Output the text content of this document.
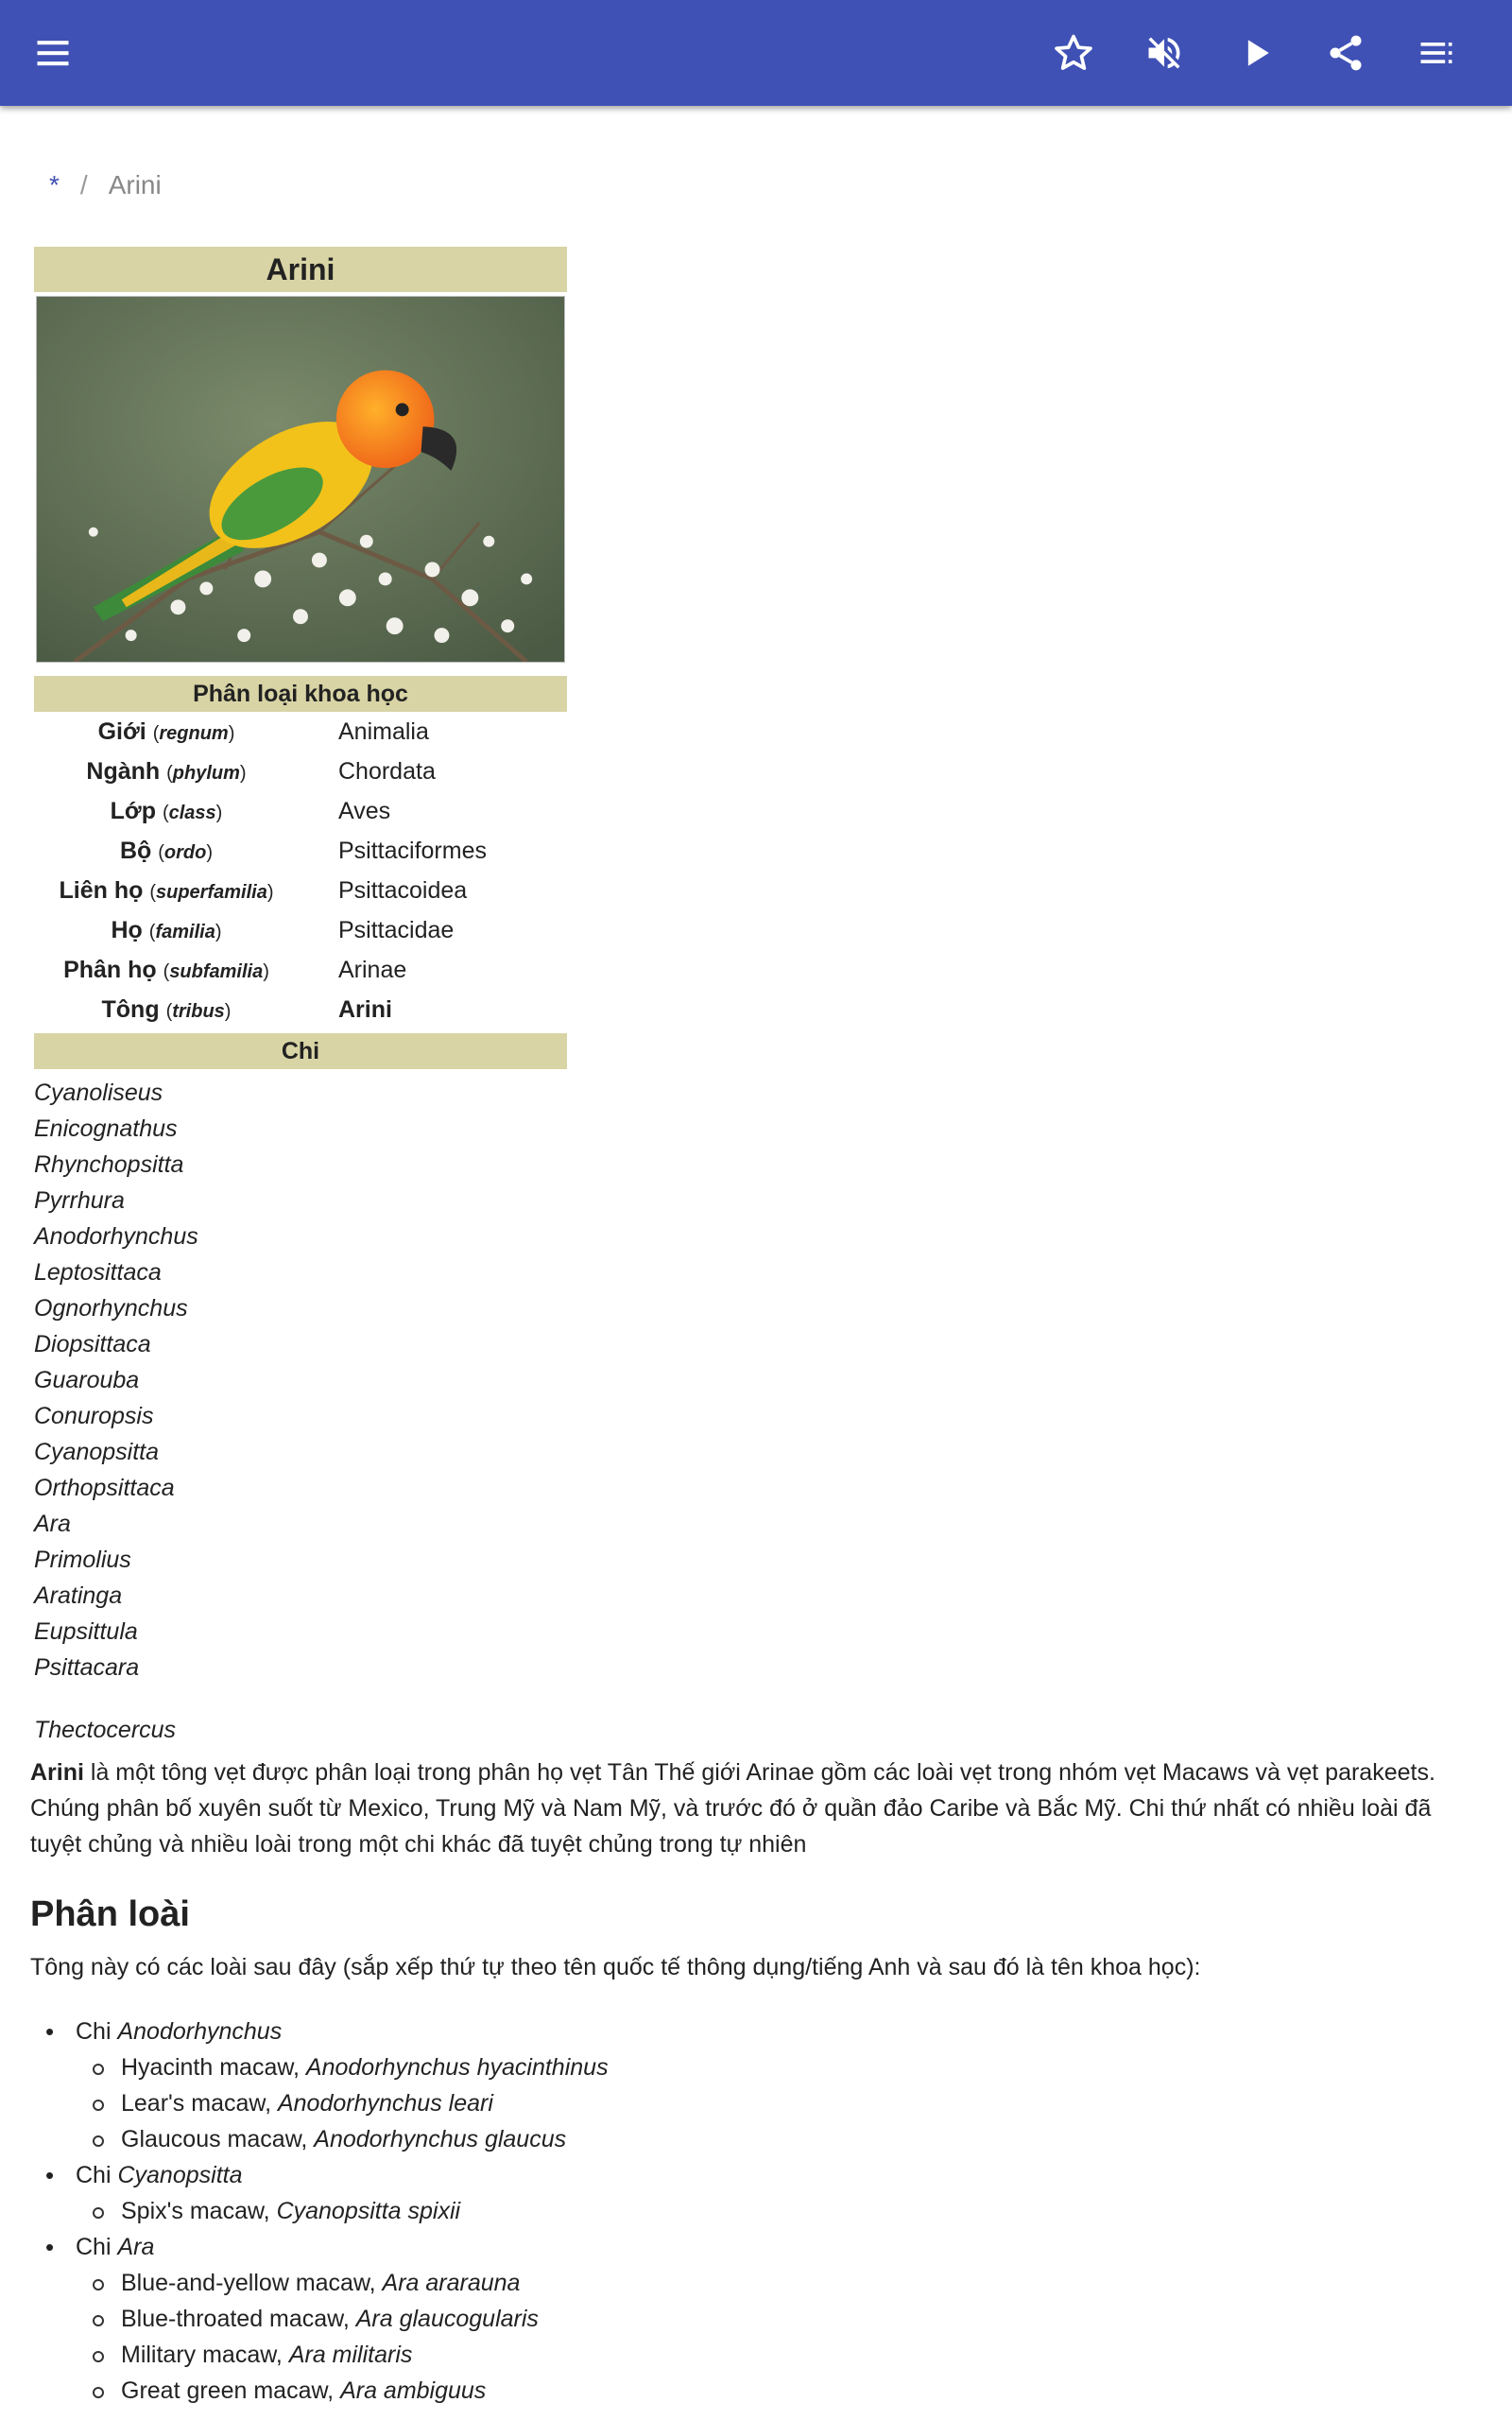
* / Arini
Arini
Phân loại khoa học
Giới (regnum)	Animalia
Ngành (phylum)	Chordata
Lớp (class)	Aves
Bộ (ordo)	Psittaciformes
Liên họ (superfamilia)	Psittacoidea
Họ (familia)	Psittacidae
Phân họ (subfamilia)	Arinae
Tông (tribus)	Arini
Chi
Cyanoliseus
Enicognathus
Rhynchopsitta
Pyrrhura
Anodorhynchus
Leptosittaca
Ognorhynchus
Diopsittaca
Guarouba
Conuropsis
Cyanopsitta
Orthopsittaca
Ara
Primolius
Aratinga
Eupsittula
Psittacara
Thectocercus
Arini là một tông vẹt được phân loại trong phân họ vẹt Tân Thế giới Arinae gồm các loài vẹt trong nhóm vẹt Macaws và vẹt parakeets. Chúng phân bố xuyên suốt từ Mexico, Trung Mỹ và Nam Mỹ, và trước đó ở quần đảo Caribe và Bắc Mỹ. Chi thứ nhất có nhiều loài đã tuyệt chủng và nhiều loài trong một chi khác đã tuyệt chủng trong tự nhiên
Phân loài
Tông này có các loài sau đây (sắp xếp thứ tự theo tên quốc tế thông dụng/tiếng Anh và sau đó là tên khoa học):
• Chi Anodorhynchus
Hyacinth macaw, Anodorhynchus hyacinthinus
Lear's macaw, Anodorhynchus leari
Glaucous macaw, Anodorhynchus glaucus
• Chi Cyanopsitta
Spix's macaw, Cyanopsitta spixii
• Chi Ara
Blue-and-yellow macaw, Ara ararauna
Blue-throated macaw, Ara glaucogularis
Military macaw, Ara militaris
Great green macaw, Ara ambiguus
